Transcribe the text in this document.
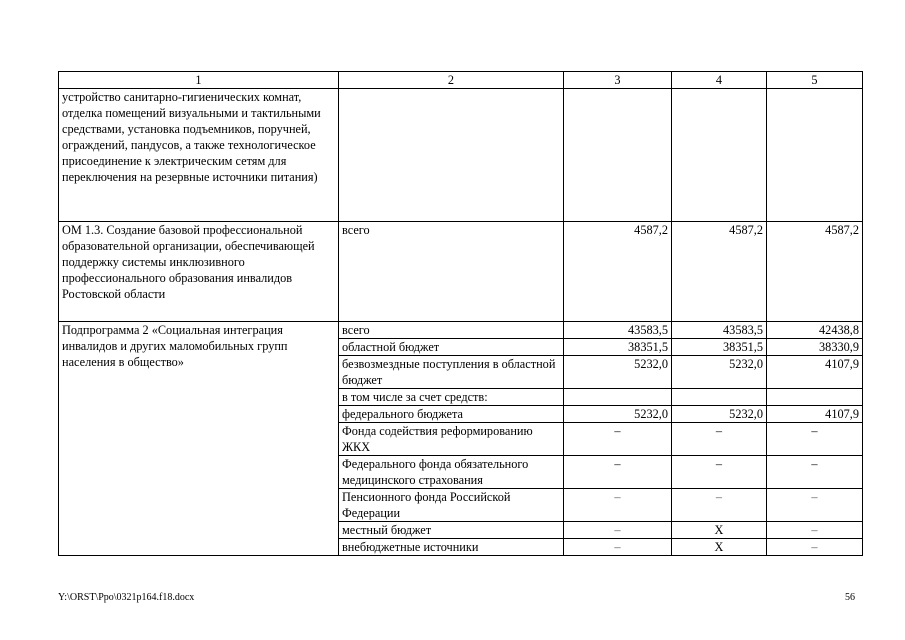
1	2	3	4	5
устройство санитарно-гигиенических комнат, отделка помещений визуальными и тактильными средствами, установка подъемников, поручней, ограждений, пандусов, а также технологическое присоединение к электрическим сетям для переключения на резервные источники питания)				
ОМ 1.3. Создание базовой профессиональной образовательной организации, обеспечивающей поддержку системы инклюзивного профессионального образования инвалидов Ростовской области	всего	4587,2	4587,2	4587,2
Подпрограмма 2 «Социальная интеграция инвалидов и других маломобильных групп населения в общество»	всего	43583,5	43583,5	42438,8
	областной бюджет	38351,5	38351,5	38330,9
	безвозмездные поступления в областной бюджет	5232,0	5232,0	4107,9
	в том числе за счет средств:			
	федерального бюджета	5232,0	5232,0	4107,9
	Фонда содействия реформированию ЖКХ	–	–	–
	Федерального фонда обязательного медицинского страхования	–	–	–
	Пенсионного фонда Российской Федерации	–	–	–
	местный бюджет	–	Х	–
	внебюджетные источники	–	Х	–
Y:\ORST\Ppo\0321p164.f18.docx	56
